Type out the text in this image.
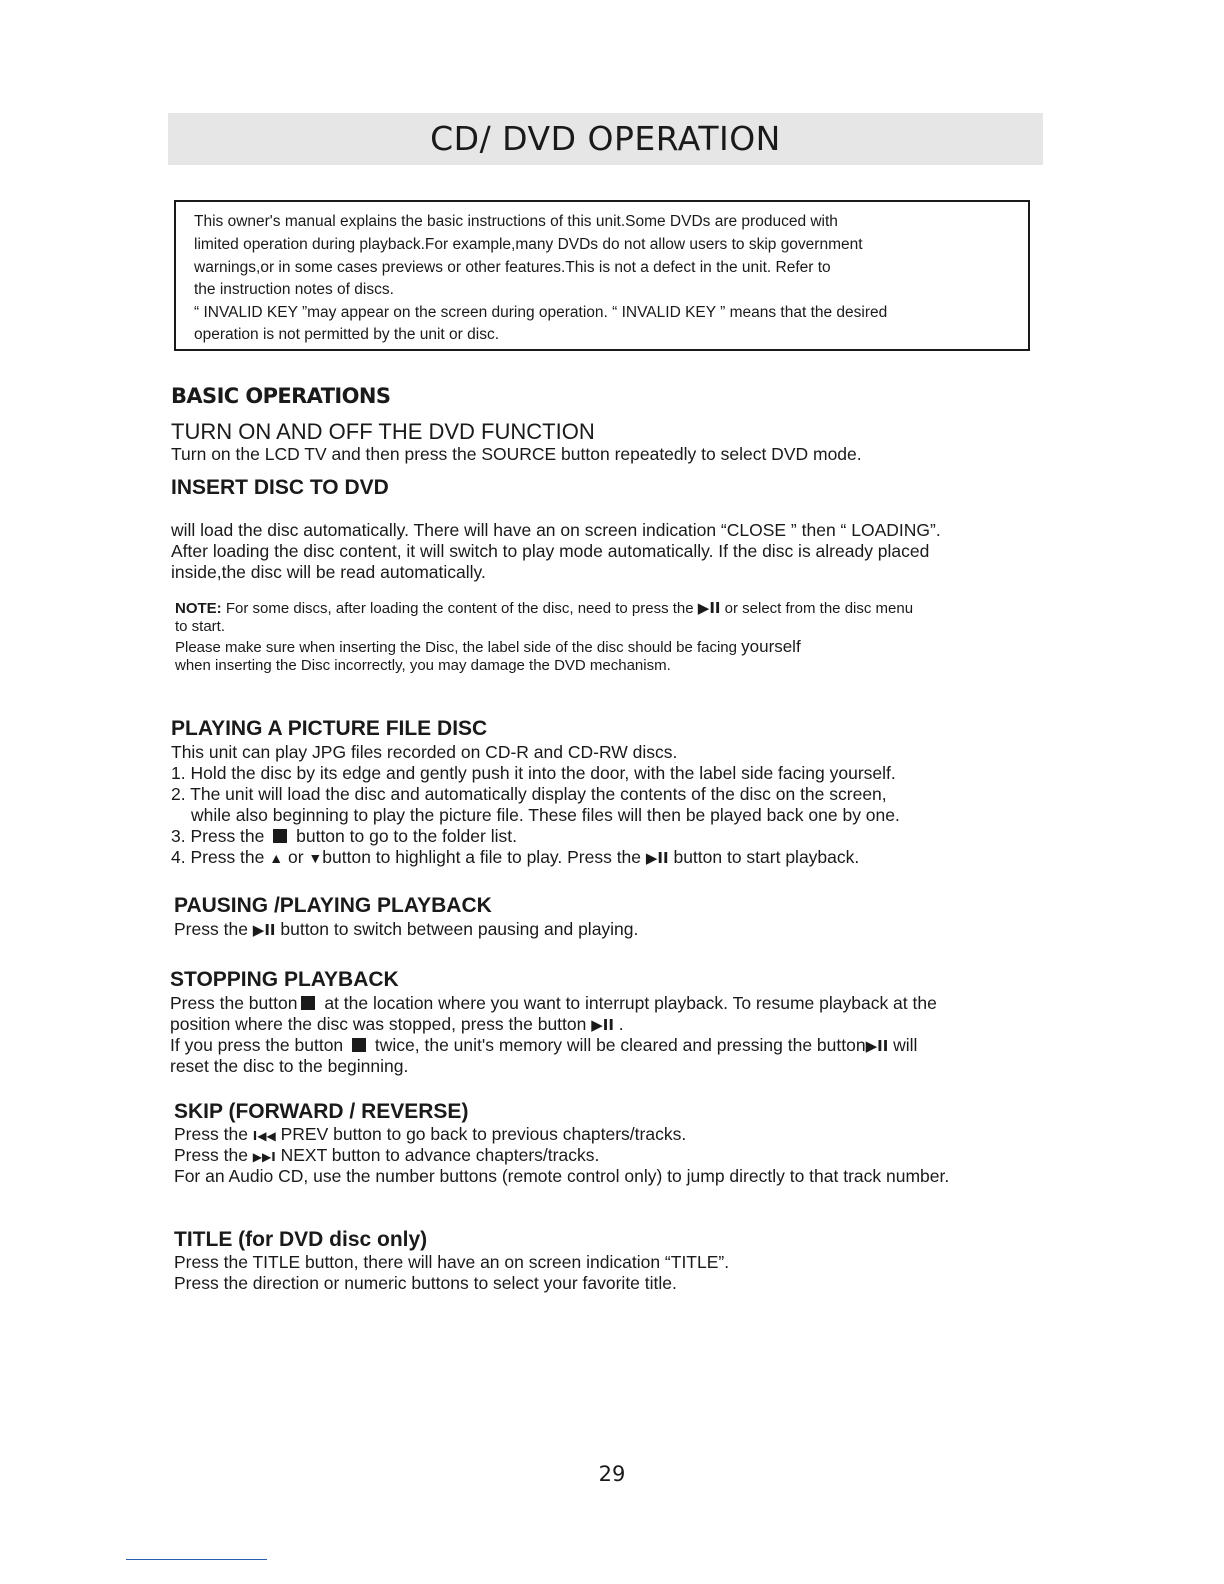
CD/ DVD OPERATION
This owner's manual explains the basic instructions of this unit.Some DVDs are produced with
limited operation during playback.For example,many DVDs do not allow users to skip government
warnings,or in some cases previews or other features.This is not a defect in the unit. Refer to
the instruction notes of discs.
“ INVALID KEY ”may appear on the screen during operation. “ INVALID KEY ” means that the desired
operation is not permitted by the unit or disc.
BASIC OPERATIONS
TURN ON AND OFF THE DVD FUNCTION
Turn on the LCD TV and then press the SOURCE button repeatedly to select DVD mode.
INSERT DISC TO DVD
will load the disc automatically. There will have an on screen indication “CLOSE ” then “ LOADING”.
After loading the disc content, it will switch to play mode automatically. If the disc is already placed
inside,the disc will be read automatically.
NOTE: For some discs, after loading the content of the disc, need to press the ▶II or select from the disc menu
to start.
Please make sure when inserting the Disc, the label side of the disc should be facing yourself
when inserting the Disc incorrectly, you may damage the DVD mechanism.
PLAYING A PICTURE FILE DISC
This unit can play JPG files recorded on CD-R and CD-RW discs.
1. Hold the disc by its edge and gently push it into the door, with the label side facing yourself.
2. The unit will load the disc and automatically display the contents of the disc on the screen,
while also beginning to play the picture file. These files will then be played back one by one.
3. Press the  button to go to the folder list.
4. Press the ▲ or ▼button to highlight a file to play. Press the ▶II button to start playback.
PAUSING /PLAYING PLAYBACK
Press the ▶II button to switch between pausing and playing.
STOPPING PLAYBACK
Press the button at the location where you want to interrupt playback. To resume playback at the
position where the disc was stopped, press the button ▶II .
If you press the button  twice, the unit's memory will be cleared and pressing the button▶II will
reset the disc to the beginning.
SKIP (FORWARD / REVERSE)
Press the I◀◀ PREV button to go back to previous chapters/tracks.
Press the ▶▶I NEXT button to advance chapters/tracks.
For an Audio CD, use the number buttons (remote control only) to jump directly to that track number.
TITLE (for DVD disc only)
Press the TITLE button, there will have an on screen indication “TITLE”.
Press the direction or numeric buttons to select your favorite title.
29
